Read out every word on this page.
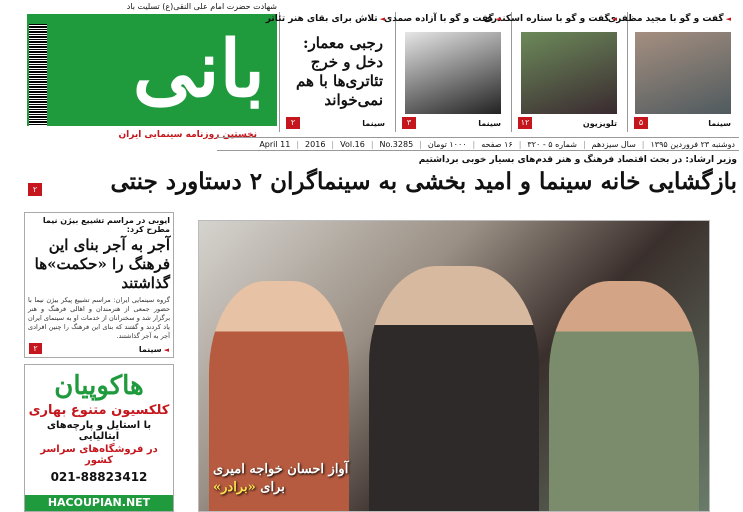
شهادت حضرت امام علی النقی(ع) تسلیت باد
بانی
نخستین روزنامه سینمایی ایران
◄ گفت و گو با مجید مظفری
سینما
۵
◄ گفت و گو با ستاره اسکندری
تلویزیون
۱۲
◄ گفت و گو با آزاده صمدی
سینما
۳
◄ تلاش برای بقای هنر تئاتر
رجبی معمار: دخل و خرج تئاتری‌ها با هم نمی‌خواند
سینما
۲
دوشنبه ۲۳ فروردین ۱۳۹۵
|
سال سیزدهم
|
شماره ۵ - ۳۲۰
|
۱۶ صفحه
|
۱۰۰۰ تومان
|
No.3285
|
Vol.16
|
2016
|
April 11
وزیر ارشاد: در بحث اقتصاد فرهنگ و هنر قدم‌های بسیار خوبی برداشتیم
بازگشایی خانه سینما و امید بخشی به سینماگران ۲ دستاورد جنتی
۲
آواز احسان خواجه امیری
برای «برادر»
ایوبی در مراسم تشییع بیژن نیما مطرح کرد:
آجر به آجر بنای این فرهنگ را «حکمت»ها گذاشتند
گروه سینمایی ایران: مراسم تشییع پیکر بیژن نیما با حضور جمعی از هنرمندان و اهالی فرهنگ و هنر برگزار شد و سخنرانان از خدمات او به سینمای ایران یاد کردند و گفتند که بنای این فرهنگ را چنین افرادی آجر به آجر گذاشتند.
◄ سینما
۲
هاکوپیان
کلکسیون متنوع بهاری
با استایل و پارچه‌های ایتالیایی
در فروشگاه‌های سراسر کشور
021-88823412
HACOUPIAN.NET
